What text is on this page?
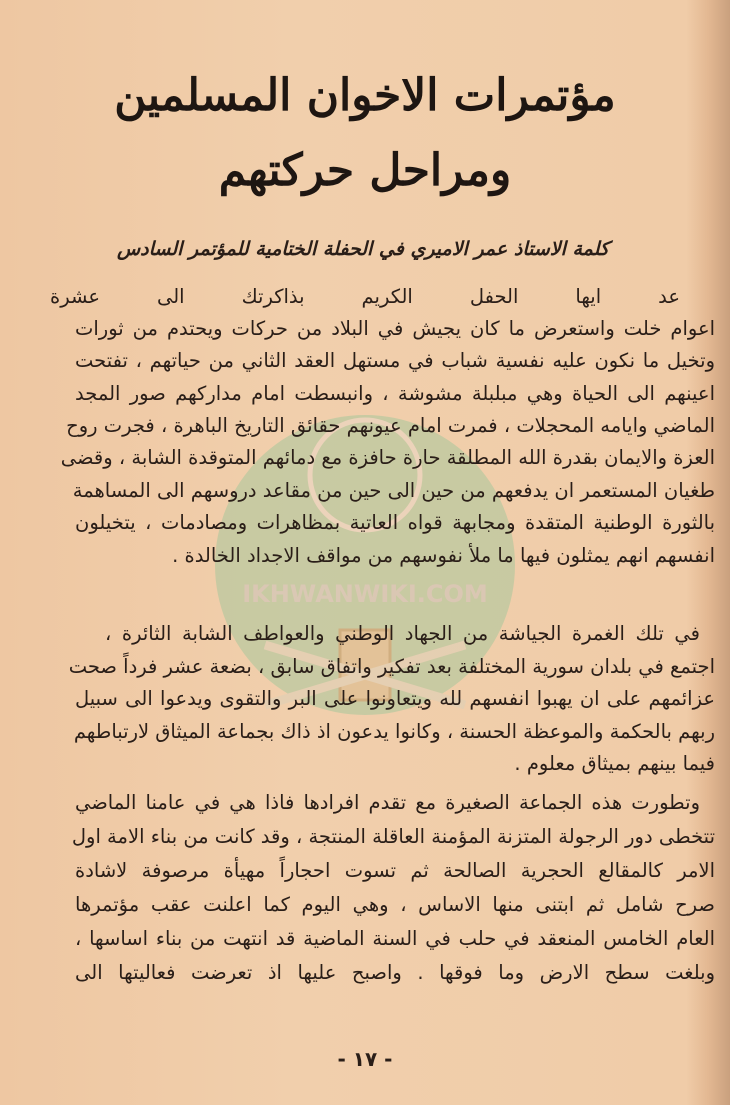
IKHWANWIKI.COM
مؤتمرات الاخوان المسلمين
ومراحل حركتهم
كلمة الاستاذ عمر الاميري في الحفلة الختامية للمؤتمر السادس
عد ايها الحفل الكريم بذاكرتك الى عشرة
اعوام خلت واستعرض ما كان يجيش في البلاد من حركات ويحتدم من ثورات
وتخيل ما نكون عليه نفسية شباب في مستهل العقد الثاني من حياتهم ، تفتحت
اعينهم الى الحياة وهي مبلبلة مشوشة ، وانبسطت امام مداركهم صور المجد
الماضي وايامه المحجلات ، فمرت امام عيونهم حقائق التاريخ الباهرة ، فجرت روح
العزة والايمان بقدرة الله المطلقة حارة حافزة مع دمائهم المتوقدة الشابة ، وقضى
طغيان المستعمر ان يدفعهم من حين الى حين من مقاعد دروسهم الى المساهمة
بالثورة الوطنية المتقدة ومجابهة قواه العاتية بمظاهرات ومصادمات ، يتخيلون
انفسهم انهم يمثلون فيها ما ملأ نفوسهم من مواقف الاجداد الخالدة .
في تلك الغمرة الجياشة من الجهاد الوطني والعواطف الشابة الثائرة ،
اجتمع في بلدان سورية المختلفة بعد تفكير واتفاق سابق ، بضعة عشر فرداً صحت
عزائمهم على ان يهبوا انفسهم لله ويتعاونوا على البر والتقوى ويدعوا الى سبيل
ربهم بالحكمة والموعظة الحسنة ، وكانوا يدعون اذ ذاك بجماعة الميثاق لارتباطهم
فيما بينهم بميثاق معلوم .
وتطورت هذه الجماعة الصغيرة مع تقدم افرادها فاذا هي في عامنا الماضي
تتخطى دور الرجولة المتزنة المؤمنة العاقلة المنتجة ، وقد كانت من بناء الامة اول
الامر كالمقالع الحجرية الصالحة ثم تسوت احجاراً مهيأة مرصوفة لاشادة
صرح شامل ثم ابتنى منها الاساس ، وهي اليوم كما اعلنت عقب مؤتمرها
العام الخامس المنعقد في حلب في السنة الماضية قد انتهت من بناء اساسها ،
وبلغت سطح الارض وما فوقها . واصبح عليها اذ تعرضت فعاليتها الى
- ١٧ -
